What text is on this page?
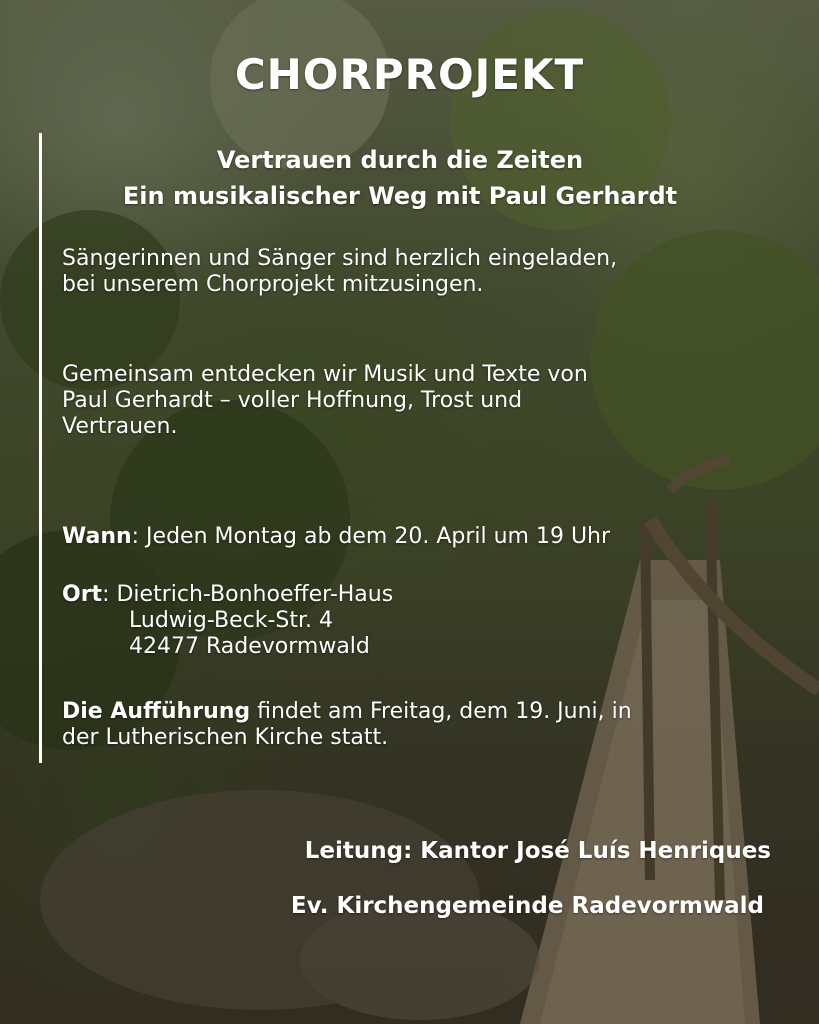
CHORPROJEKT
Vertrauen durch die Zeiten
Ein musikalischer Weg mit Paul Gerhardt
Sängerinnen und Sänger sind herzlich eingeladen,
bei unserem Chorprojekt mitzusingen.
Gemeinsam entdecken wir Musik und Texte von
Paul Gerhardt – voller Hoffnung, Trost und
Vertrauen.
Wann: Jeden Montag ab dem 20. April um 19 Uhr
Ort: Dietrich-Bonhoeffer-Haus
Ludwig-Beck-Str. 4
42477 Radevormwald
Die Aufführung findet am Freitag, dem 19. Juni, in
der Lutherischen Kirche statt.
Leitung: Kantor José Luís Henriques
Ev. Kirchengemeinde Radevormwald
